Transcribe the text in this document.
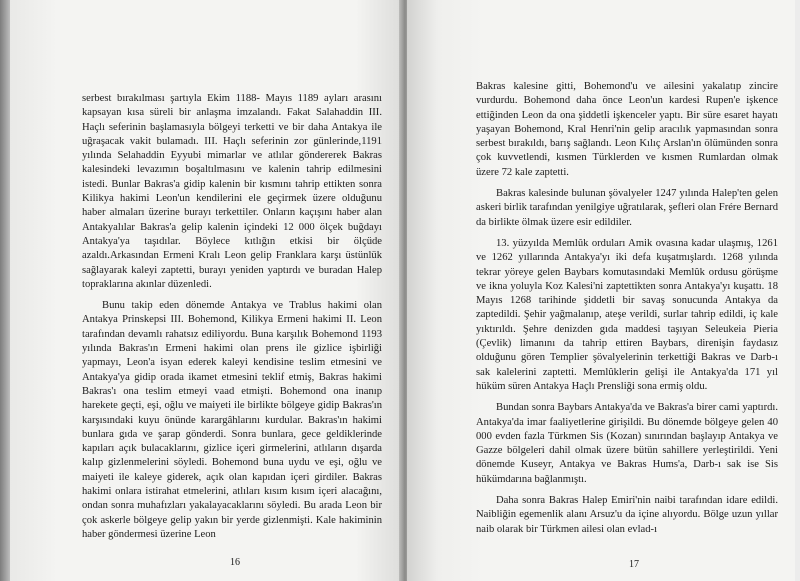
serbest bırakılması şartıyla Ekim 1188- Mayıs 1189 ayları arasını kapsayan kısa süreli bir anlaşma imzalandı. Fakat Salahaddin III. Haçlı seferinin başlamasıyla bölgeyi terketti ve bir daha Antakya ile uğraşacak vakit bulamadı. III. Haçlı seferinin zor günlerinde,1191 yılında Selahaddin Eyyubi mimarlar ve atlılar göndererek Bakras kalesindeki levazımın boşaltılmasını ve kalenin tahrip edilmesini istedi. Bunlar Bakras'a gidip kalenin bir kısmını tahrip ettikten sonra Kilikya hakimi Leon'un kendilerini ele geçirmek üzere olduğunu haber almaları üzerine burayı terkettiler. Onların kaçışını haber alan Antakyalılar Bakras'a gelip kalenin içindeki 12 000 ölçek buğdayı Antakya'ya taşıdılar. Böylece kıtlığın etkisi bir ölçüde azaldı.Arkasından Ermeni Kralı Leon gelip Franklara karşı üstünlük sağlayarak kaleyi zaptetti, burayı yeniden yaptırdı ve buradan Halep topraklarına akınlar düzenledi.

Bunu takip eden dönemde Antakya ve Trablus hakimi olan Antakya Prinskepsi III. Bohemond, Kilikya Ermeni hakimi II. Leon tarafından devamlı rahatsız ediliyordu. Buna karşılık Bohemond 1193 yılında Bakras'ın Ermeni hakimi olan prens ile gizlice işbirliği yapmayı, Leon'a isyan ederek kaleyi kendisine teslim etmesini ve Antakya'ya gidip orada ikamet etmesini teklif etmiş, Bakras hakimi Bakras'ı ona teslim etmeyi vaad etmişti. Bohemond ona inanıp harekete geçti, eşi, oğlu ve maiyeti ile birlikte bölgeye gidip Bakras'ın karşısındaki kuyu önünde karargâhlarını kurdular. Bakras'ın hakimi bunlara gıda ve şarap gönderdi. Sonra bunlara, gece geldiklerinde kapıları açık bulacaklarını, gizlice içeri girmelerini, atlıların dışarda kalıp gizlenmelerini söyledi. Bohemond buna uydu ve eşi, oğlu ve maiyeti ile kaleye giderek, açık olan kapıdan içeri girdiler. Bakras hakimi onlara istirahat etmelerini, atlıları kısım kısım içeri alacağını, ondan sonra muhafızları yakalayacaklarını söyledi. Bu arada Leon bir çok askerle bölgeye gelip yakın bir yerde gizlenmişti. Kale hakiminin haber göndermesi üzerine Leon

16

Bakras kalesine gitti, Bohemond'u ve ailesini yakalatıp zincire vurdurdu. Bohemond daha önce Leon'un kardesi Rupen'e işkence ettiğinden Leon da ona şiddetli işkenceler yaptı. Bir süre esaret hayatı yaşayan Bohemond, Kral Henri'nin gelip aracılık yapmasından sonra serbest bırakıldı, barış sağlandı. Leon Kılıç Arslan'ın ölümünden sonra çok kuvvetlendi, kısmen Türklerden ve kısmen Rumlardan olmak üzere 72 kale zaptetti.

Bakras kalesinde bulunan şövalyeler 1247 yılında Halep'ten gelen askeri birlik tarafından yenilgiye uğratılarak, şefleri olan Frére Bernard da birlikte ölmak üzere esir edildiler.

13. yüzyılda Memlûk orduları Amik ovasına kadar ulaşmış, 1261 ve 1262 yıllarında Antakya'yı iki defa kuşatmışlardı. 1268 yılında tekrar yöreye gelen Baybars komutasındaki Memlûk ordusu görüşme ve ikna yoluyla Koz Kalesi'ni zaptettikten sonra Antakya'yı kuşattı. 18 Mayıs 1268 tarihinde şiddetli bir savaş sonucunda Antakya da zaptedildi. Şehir yağmalanıp, ateşe verildi, surlar tahrip edildi, iç kale yıktırıldı. Şehre denizden gıda maddesi taşıyan Seleukeia Pieria (Çevlik) limanını da tahrip ettiren Baybars, direnişin faydasız olduğunu gören Templier şövalyelerinin terkettiği Bakras ve Darb-ı sak kalelerini zaptetti. Memlûklerin gelişi ile Antakya'da 171 yıl hüküm süren Antakya Haçlı Prensliği sona ermiş oldu.

Bundan sonra Baybars Antakya'da ve Bakras'a birer cami yaptırdı. Antakya'da imar faaliyetlerine girişildi. Bu dönemde bölgeye gelen 40 000 evden fazla Türkmen Sis (Kozan) sınırından başlayıp Antakya ve Gazze bölgeleri dahil olmak üzere bütün sahillere yerleştirildi. Yeni dönemde Kuseyr, Antakya ve Bakras Hums'a, Darb-ı sak ise Sis hükümdarına bağlanmıştı.

Daha sonra Bakras Halep Emiri'nin naibi tarafından idare edildi. Naibliğin egemenlik alanı Arsuz'u da içine alıyordu. Bölge uzun yıllar naib olarak bir Türkmen ailesi olan evlad-ı

17
